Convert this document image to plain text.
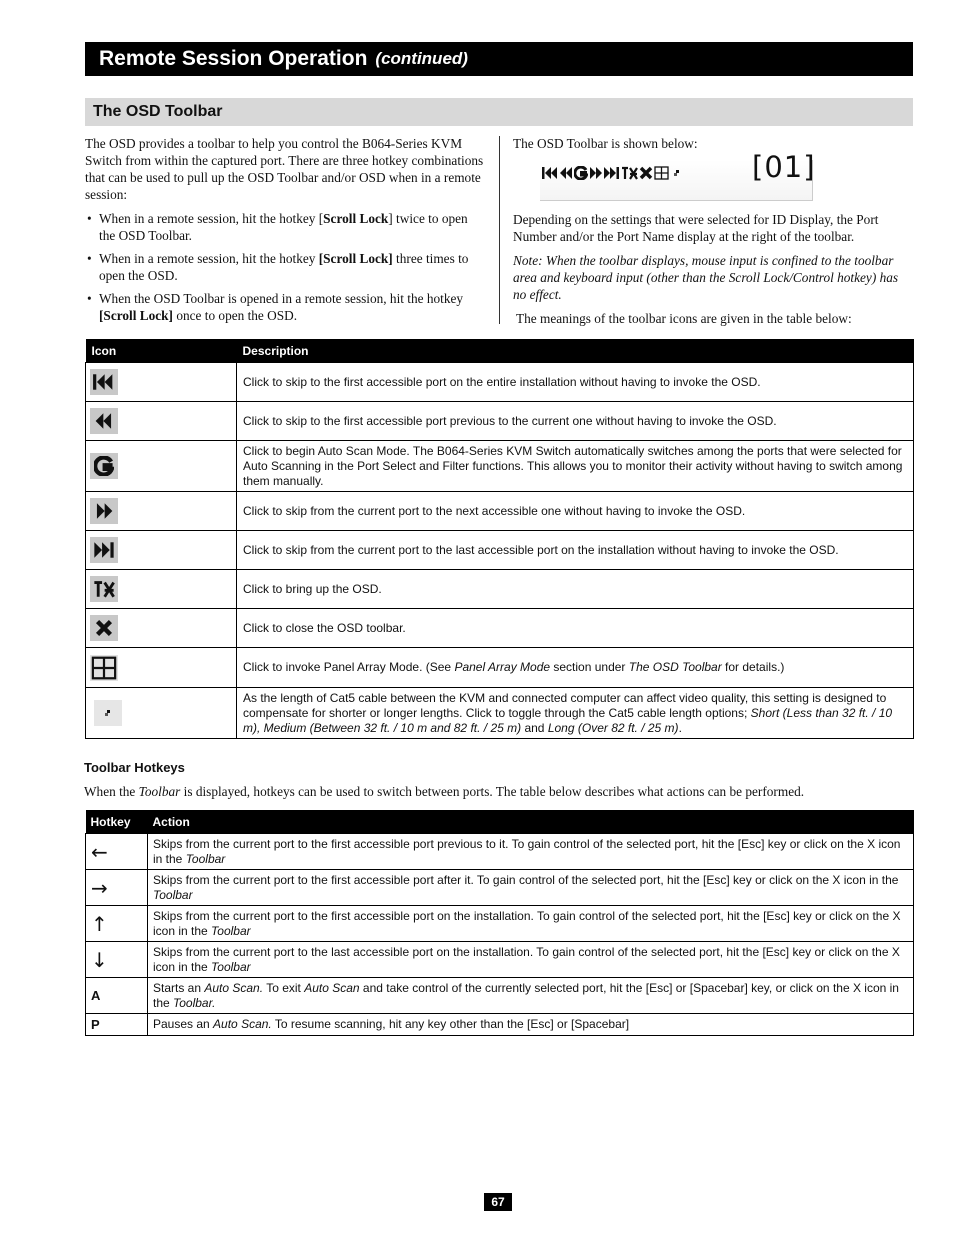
Remote Session Operation (continued)
The OSD Toolbar

The OSD provides a toolbar to help you control the B064-Series KVM Switch from within the captured port. There are three hotkey combinations that can be used to pull up the OSD Toolbar and/or OSD when in a remote session:

• When in a remote session, hit the hotkey [Scroll Lock] twice to open the OSD Toolbar.
• When in a remote session, hit the hotkey [Scroll Lock] three times to open the OSD.
• When the OSD Toolbar is opened in a remote session, hit the hotkey [Scroll Lock] once to open the OSD.

The OSD Toolbar is shown below:

[01]

Depending on the settings that were selected for ID Display, the Port Number and/or the Port Name display at the right of the toolbar.

Note: When the toolbar displays, mouse input is confined to the toolbar area and keyboard input (other than the Scroll Lock/Control hotkey) has no effect.

The meanings of the toolbar icons are given in the table below:

Icon	Description

	Click to skip to the first accessible port on the entire installation without having to invoke the OSD.

	Click to skip to the first accessible port previous to the current one without having to invoke the OSD.

	Click to begin Auto Scan Mode. The B064-Series KVM Switch automatically switches among the ports that were selected for Auto Scanning in the Port Select and Filter functions. This allows you to monitor their activity without having to switch among them manually.

	Click to skip from the current port to the next accessible one without having to invoke the OSD.

	Click to skip from the current port to the last accessible port on the installation without having to invoke the OSD.

	Click to bring up the OSD.

	Click to close the OSD toolbar.

	Click to invoke Panel Array Mode. (See Panel Array Mode section under The OSD Toolbar for details.)

	As the length of Cat5 cable between the KVM and connected computer can affect video quality, this setting is designed to compensate for shorter or longer lengths. Click to toggle through the Cat5 cable length options; Short (Less than 32 ft. / 10 m), Medium (Between 32 ft. / 10 m and 82 ft. / 25 m) and Long (Over 82 ft. / 25 m).
Toolbar Hotkeys
When the Toolbar is displayed, hotkeys can be used to switch between ports. The table below describes what actions can be performed.
Hotkey	Action
←	Skips from the current port to the first accessible port previous to it. To gain control of the selected port, hit the [Esc] key or click on the X icon in the Toolbar
→	Skips from the current port to the first accessible port after it. To gain control of the selected port, hit the [Esc] key or click on the X icon in the Toolbar
↑	Skips from the current port to the first accessible port on the installation. To gain control of the selected port, hit the [Esc] key or click on the X icon in the Toolbar
↓	Skips from the current port to the last accessible port on the installation. To gain control of the selected port, hit the [Esc] key or click on the X icon in the Toolbar
A	Starts an Auto Scan. To exit Auto Scan and take control of the currently selected port, hit the [Esc] or [Spacebar] key, or click on the X icon in the Toolbar.
P	Pauses an Auto Scan. To resume scanning, hit any key other than the [Esc] or [Spacebar]
67
